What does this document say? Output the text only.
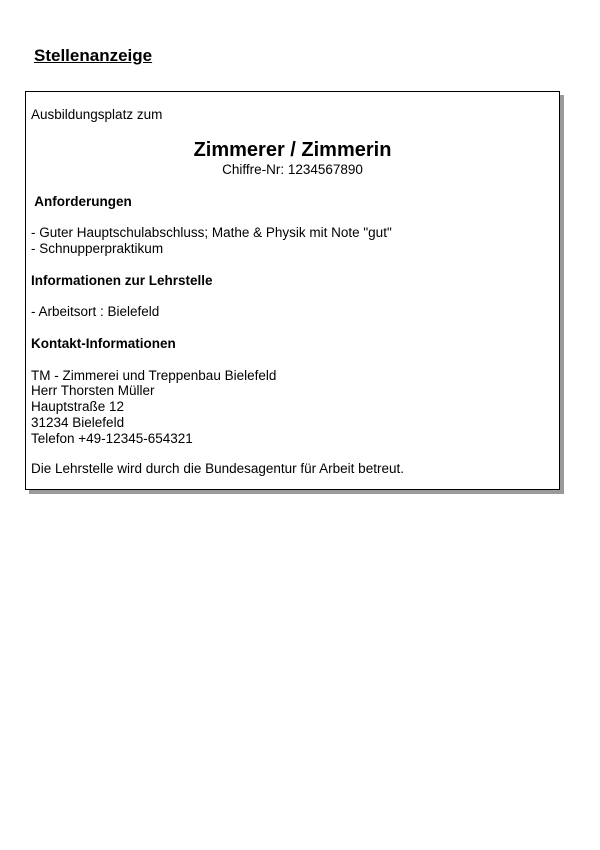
Stellenanzeige

Ausbildungsplatz zum

Zimmerer / Zimmerin

Chiffre-Nr: 1234567890

Anforderungen

- Guter Hauptschulabschluss; Mathe & Physik mit Note "gut"

- Schnupperpraktikum

Informationen zur Lehrstelle

- Arbeitsort : Bielefeld

Kontakt-Informationen

TM - Zimmerei und Treppenbau Bielefeld

Herr Thorsten Müller

Hauptstraße 12

31234 Bielefeld

Telefon +49-12345-654321

Die Lehrstelle wird durch die Bundesagentur für Arbeit betreut.
